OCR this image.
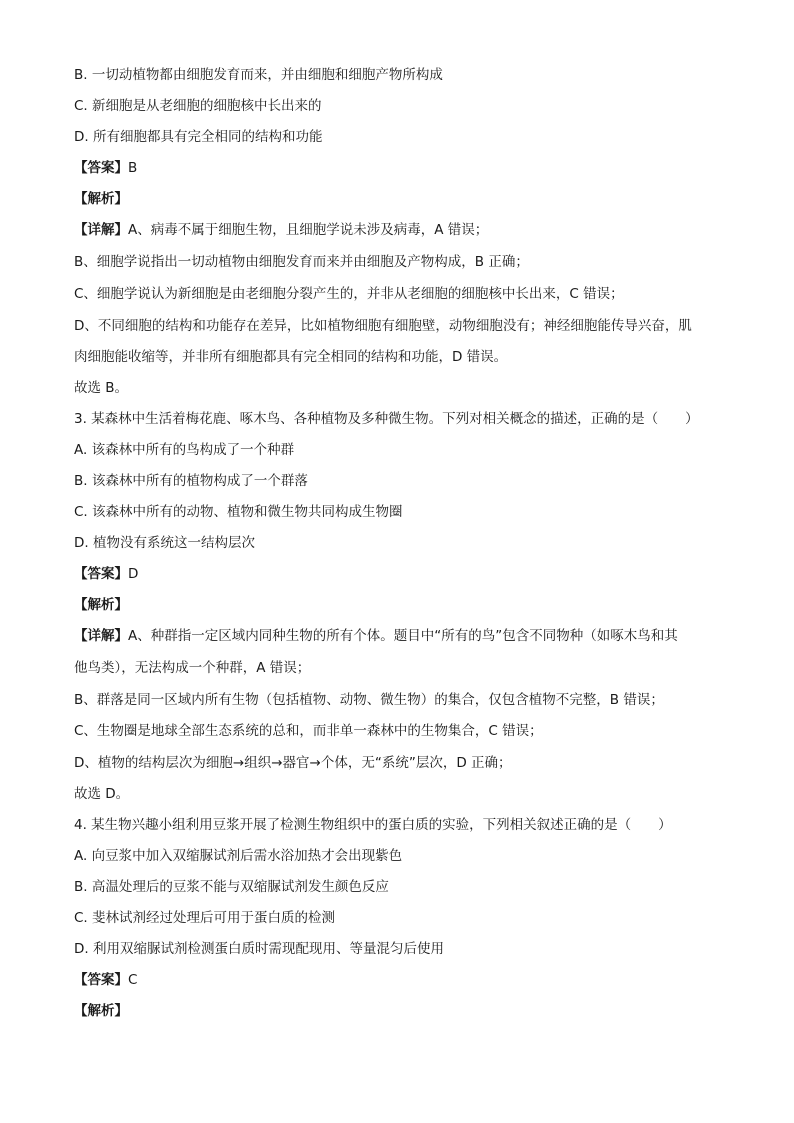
B. 一切动植物都由细胞发育而来，并由细胞和细胞产物所构成
C. 新细胞是从老细胞的细胞核中长出来的
D. 所有细胞都具有完全相同的结构和功能
【答案】B
【解析】
【详解】A、病毒不属于细胞生物，且细胞学说未涉及病毒，A 错误；
B、细胞学说指出一切动植物由细胞发育而来并由细胞及产物构成，B 正确；
C、细胞学说认为新细胞是由老细胞分裂产生的，并非从老细胞的细胞核中长出来，C 错误；
D、不同细胞的结构和功能存在差异，比如植物细胞有细胞壁，动物细胞没有；神经细胞能传导兴奋，肌
肉细胞能收缩等，并非所有细胞都具有完全相同的结构和功能，D 错误。
故选 B。
3. 某森林中生活着梅花鹿、啄木鸟、各种植物及多种微生物。下列对相关概念的描述，正确的是（　　）
A. 该森林中所有的鸟构成了一个种群
B. 该森林中所有的植物构成了一个群落
C. 该森林中所有的动物、植物和微生物共同构成生物圈
D. 植物没有系统这一结构层次
【答案】D
【解析】
【详解】A、种群指一定区域内同种生物的所有个体。题目中“所有的鸟”包含不同物种（如啄木鸟和其
他鸟类），无法构成一个种群，A 错误；
B、群落是同一区域内所有生物（包括植物、动物、微生物）的集合，仅包含植物不完整，B 错误；
C、生物圈是地球全部生态系统的总和，而非单一森林中的生物集合，C 错误；
D、植物的结构层次为细胞→组织→器官→个体，无“系统”层次，D 正确；
故选 D。
4. 某生物兴趣小组利用豆浆开展了检测生物组织中的蛋白质的实验，下列相关叙述正确的是（　　）
A. 向豆浆中加入双缩脲试剂后需水浴加热才会出现紫色
B. 高温处理后的豆浆不能与双缩脲试剂发生颜色反应
C. 斐林试剂经过处理后可用于蛋白质的检测
D. 利用双缩脲试剂检测蛋白质时需现配现用、等量混匀后使用
【答案】C
【解析】
